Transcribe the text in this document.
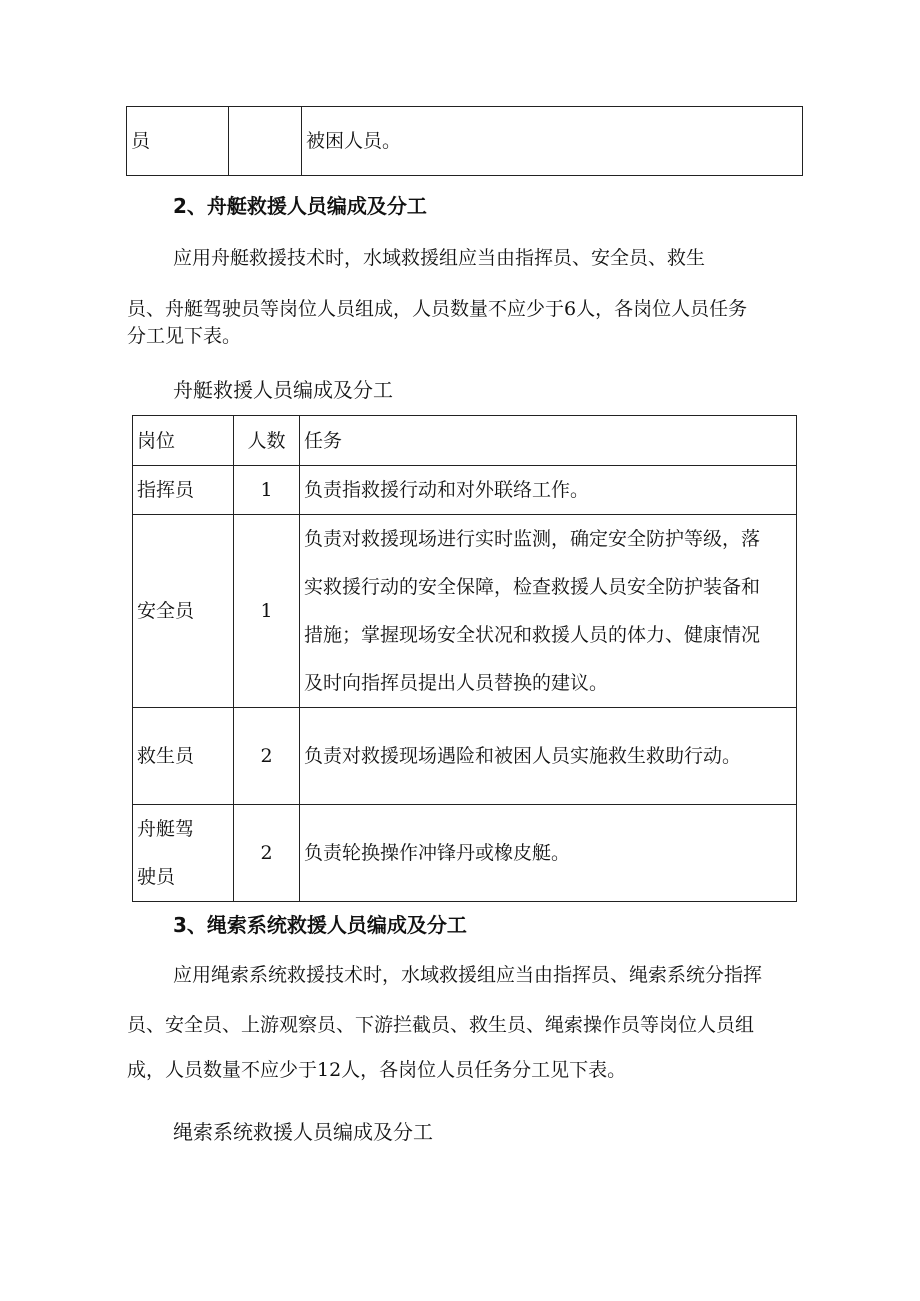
员		被困人员。

2、舟艇救援人员编成及分工

应用舟艇救援技术时，水域救援组应当由指挥员、安全员、救生

员、舟艇驾驶员等岗位人员组成，人员数量不应少于6人，各岗位人员任务

分工见下表。

舟艇救援人员编成及分工

岗位	人数	任务
指挥员	1	负责指救援行动和对外联络工作。
安全员	1	负责对救援现场进行实时监测，确定安全防护等级，落
实救援行动的安全保障，检查救援人员安全防护装备和
措施；掌握现场安全状况和救援人员的体力、健康情况
及时向指挥员提出人员替换的建议。

救生员	2	负责对救援现场遇险和被困人员实施救生救助行动。

舟艇驾
驶员	2	负责轮换操作冲锋丹或橡皮艇。

3、绳索系统救援人员编成及分工

应用绳索系统救援技术时，水域救援组应当由指挥员、绳索系统分指挥

员、安全员、上游观察员、下游拦截员、救生员、绳索操作员等岗位人员组

成，人员数量不应少于12人，各岗位人员任务分工见下表。

绳索系统救援人员编成及分工
